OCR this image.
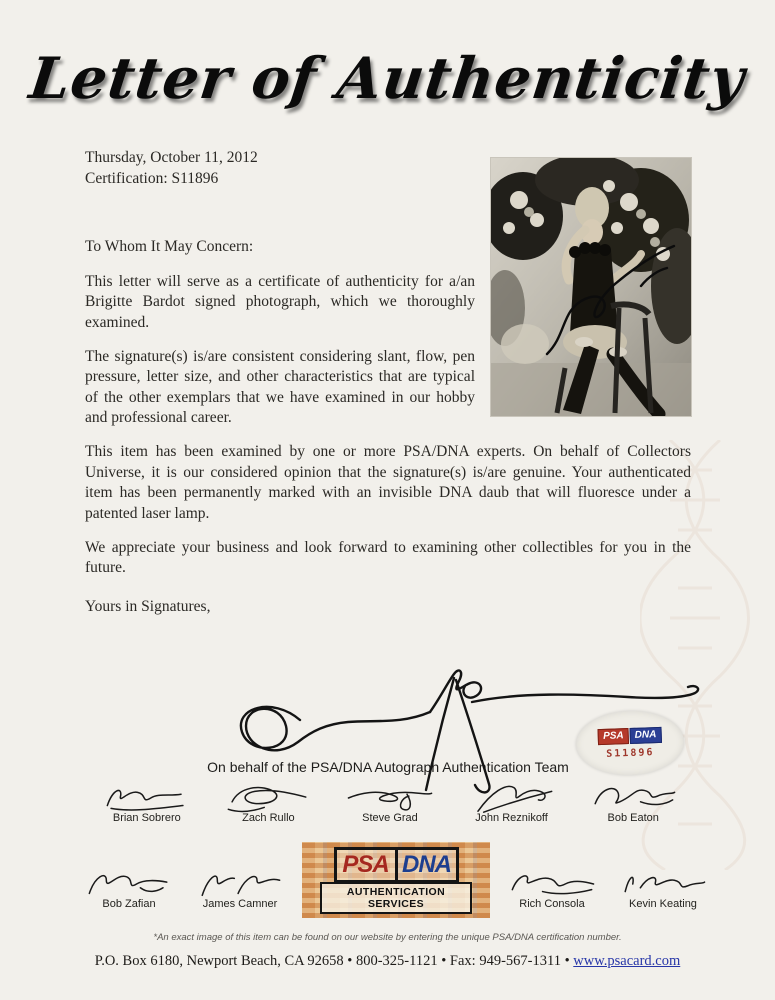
Letter of Authenticity
Thursday, October 11, 2012
Certification: S11896
To Whom It May Concern:

This letter will serve as a certificate of authenticity for a/an Brigitte Bardot signed photograph, which we thoroughly examined.

The signature(s) is/are consistent considering slant, flow, pen pressure, letter size, and other characteristics that are typical of the other exemplars that we have examined in our hobby and professional career.

This item has been examined by one or more PSA/DNA experts. On behalf of Collectors Universe, it is our considered opinion that the signature(s) is/are genuine. Your authenticated item has been permanently marked with an invisible DNA daub that will fluoresce under a patented laser lamp.

We appreciate your business and look forward to examining other collectibles for you in the future.

Yours in Signatures,
PSA	DNA
S11896
On behalf of the PSA/DNA Autograph Authentication Team
Brian Sobrero	Zach Rullo	Steve Grad	John Reznikoff	Bob Eaton
Bob Zafian	James Camner
PSA DNA
AUTHENTICATION SERVICES	Rich Consola	Kevin Keating
*An exact image of this item can be found on our website by entering the unique PSA/DNA certification number.
P.O. Box 6180, Newport Beach, CA 92658 • 800-325-1121 • Fax: 949-567-1311 • www.psacard.com
